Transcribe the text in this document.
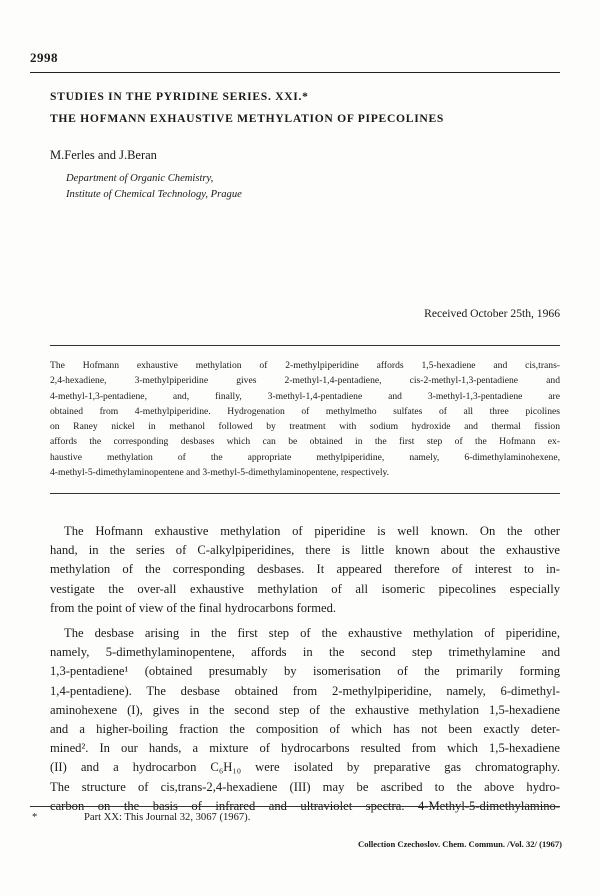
2998
STUDIES IN THE PYRIDINE SERIES. XXI.*
THE HOFMANN EXHAUSTIVE METHYLATION OF PIPECOLINES
M.Ferles and J.Beran
Department of Organic Chemistry,
Institute of Chemical Technology, Prague
Received October 25th, 1966
The Hofmann exhaustive methylation of 2-methylpiperidine affords 1,5-hexadiene and cis,trans-
2,4-hexadiene, 3-methylpiperidine gives 2-methyl-1,4-pentadiene, cis-2-methyl-1,3-pentadiene and
4-methyl-1,3-pentadiene, and, finally, 3-methyl-1,4-pentadiene and 3-methyl-1,3-pentadiene are
obtained from 4-methylpiperidine. Hydrogenation of methylmetho sulfates of all three picolines
on Raney nickel in methanol followed by treatment with sodium hydroxide and thermal fission
affords the corresponding desbases which can be obtained in the first step of the Hofmann ex-
haustive methylation of the appropriate methylpiperidine, namely, 6-dimethylaminohexene,
4-methyl-5-dimethylaminopentene and 3-methyl-5-dimethylaminopentene, respectively.
The Hofmann exhaustive methylation of piperidine is well known. On the other
hand, in the series of C-alkylpiperidines, there is little known about the exhaustive
methylation of the corresponding desbases. It appeared therefore of interest to in-
vestigate the over-all exhaustive methylation of all isomeric pipecolines especially
from the point of view of the final hydrocarbons formed.
The desbase arising in the first step of the exhaustive methylation of piperidine,
namely, 5-dimethylaminopentene, affords in the second step trimethylamine and
1,3-pentadiene¹ (obtained presumably by isomerisation of the primarily forming
1,4-pentadiene). The desbase obtained from 2-methylpiperidine, namely, 6-dimethyl-
aminohexene (I), gives in the second step of the exhaustive methylation 1,5-hexadiene
and a higher-boiling fraction the composition of which has not been exactly deter-
mined². In our hands, a mixture of hydrocarbons resulted from which 1,5-hexadiene
(II) and a hydrocarbon C₆H₁₀ were isolated by preparative gas chromatography.
The structure of cis,trans-2,4-hexadiene (III) may be ascribed to the above hydro-
carbon on the basis of infrared and ultraviolet spectra. 4-Methyl-5-dimethylamino-
*	Part XX: This Journal 32, 3067 (1967).
Collection Czechoslov. Chem. Commun. /Vol. 32/ (1967)
